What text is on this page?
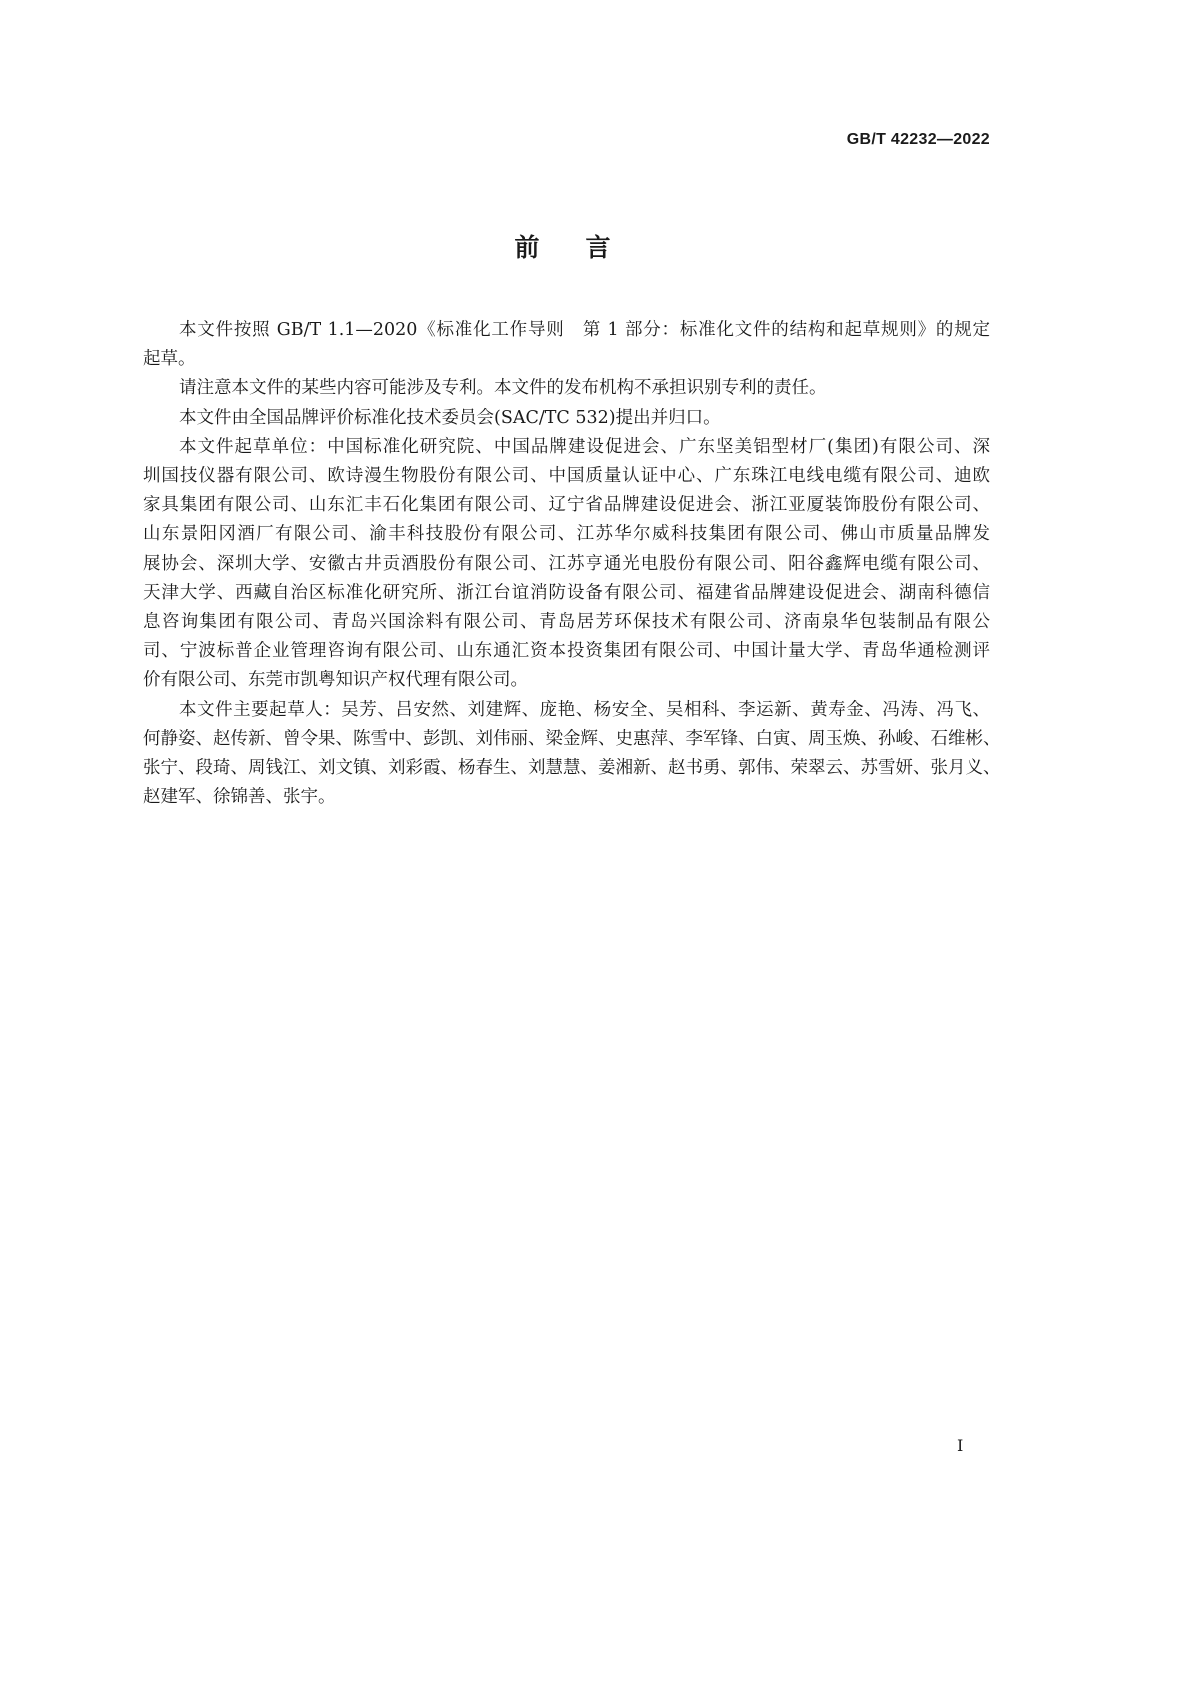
GB/T 42232—2022
前 言
本文件按照 GB/T 1.1—2020《标准化工作导则　第 1 部分：标准化文件的结构和起草规则》的规定
起草。
请注意本文件的某些内容可能涉及专利。本文件的发布机构不承担识别专利的责任。
本文件由全国品牌评价标准化技术委员会(SAC/TC 532)提出并归口。
本文件起草单位：中国标准化研究院、中国品牌建设促进会、广东坚美铝型材厂(集团)有限公司、深
圳国技仪器有限公司、欧诗漫生物股份有限公司、中国质量认证中心、广东珠江电线电缆有限公司、迪欧
家具集团有限公司、山东汇丰石化集团有限公司、辽宁省品牌建设促进会、浙江亚厦装饰股份有限公司、
山东景阳冈酒厂有限公司、渝丰科技股份有限公司、江苏华尔威科技集团有限公司、佛山市质量品牌发
展协会、深圳大学、安徽古井贡酒股份有限公司、江苏亨通光电股份有限公司、阳谷鑫辉电缆有限公司、
天津大学、西藏自治区标准化研究所、浙江台谊消防设备有限公司、福建省品牌建设促进会、湖南科德信
息咨询集团有限公司、青岛兴国涂料有限公司、青岛居芳环保技术有限公司、济南泉华包装制品有限公
司、宁波标普企业管理咨询有限公司、山东通汇资本投资集团有限公司、中国计量大学、青岛华通检测评
价有限公司、东莞市凯粤知识产权代理有限公司。
本文件主要起草人：吴芳、吕安然、刘建辉、庞艳、杨安全、吴相科、李运新、黄寿金、冯涛、冯飞、
何静姿、赵传新、曾令果、陈雪中、彭凯、刘伟丽、梁金辉、史惠萍、李军锋、白寅、周玉焕、孙峻、石维彬、
张宁、段琦、周钱江、刘文镇、刘彩霞、杨春生、刘慧慧、姜湘新、赵书勇、郭伟、荣翠云、苏雪妍、张月义、
赵建军、徐锦善、张宇。
I
